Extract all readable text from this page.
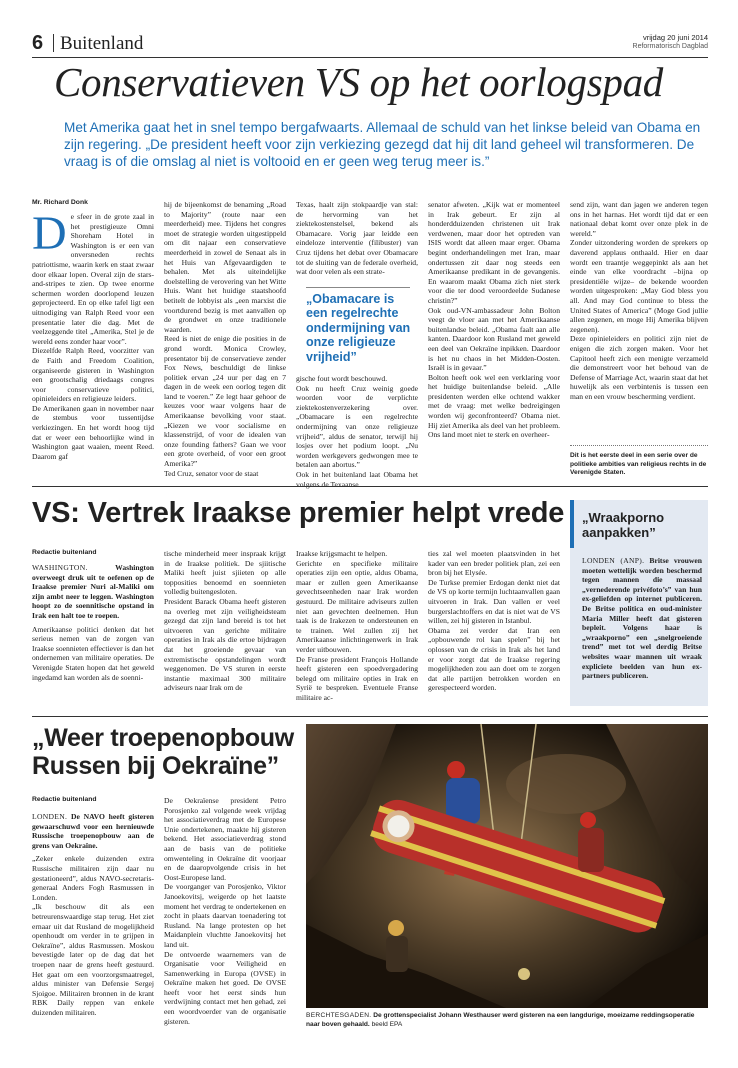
6 Buitenland	vrijdag 20 juni 2014
Reformatorisch Dagblad
Conservatieven VS op het oorlogspad

Met Amerika gaat het in snel tempo bergafwaarts. Allemaal de schuld van het linkse beleid van Obama en zijn regering. „De president heeft voor zijn verkiezing gezegd dat hij dit land geheel wil transformeren. De vraag is of die omslag al niet is voltooid en er geen weg terug meer is.”

Mr. Richard Donk
D e sfeer in de grote zaal in het prestigieuze Omni Shoreham Hotel in Washington is er een van onversneden rechts patriottisme, waarin kerk en staat zwaar door elkaar lopen. Overal zijn de stars-and-stripes te zien. Op twee enorme schermen worden doorlopend leuzen geprojecteerd. En op elke tafel ligt een uitnodiging van Ralph Reed voor een presentatie later die dag. Met de veelzeggende titel „Amerika, Stel je de wereld eens zonder haar voor”.
Diezelfde Ralph Reed, voorzitter van de Faith and Freedom Coalition, organiseerde gisteren in Washington een grootschalig driedaags congres voor conservatieve politici, opinieleiders en religieuze leiders.
De Amerikanen gaan in november naar de stembus voor tussentijdse verkiezingen. En het wordt hoog tijd dat er weer een behoorlijke wind in Washington gaat waaien, meent Reed. Daarom gaf
hij de bijeenkomst de benaming „Road to Majority” (route naar een meerderheid) mee. Tijdens het congres moet de strategie worden uitgestippeld om dit najaar een conservatieve meerderheid in zowel de Senaat als in het Huis van Afgevaardigden te behalen. Met als uiteindelijke doelstelling de verovering van het Witte Huis. Want het huidige staatshoofd betitelt de lobbyist als „een marxist die voortdurend bezig is met aanvallen op de grondwet en onze traditionele waarden.
Reed is niet de enige die posities in de grond wordt. Monica Crowley, presentator bij de conservatieve zender Fox News, beschuldigt de linkse politiek ervan „24 uur per dag en 7 dagen in de week een oorlog tegen dit land te voeren.” Ze legt haar gehoor de keuzes voor waar volgens haar de Amerikaanse bevolking voor staat. „Kiezen we voor socialisme en klassenstrijd, of voor de idealen van onze founding fathers? Gaan we voor een grote overheid, of voor een groot Amerika?”
Ted Cruz, senator voor de staat
Texas, haalt zijn stokpaardje van stal: de hervorming van het ziektekostenstelsel, bekend als Obamacare. Vorig jaar leidde een eindeloze interventie (filibuster) van Cruz tijdens het debat over Obamacare tot de sluiting van de federale overheid, wat door velen als een strate-
„Obamacare is een regelrechte ondermijning van onze religieuze vrijheid”
gische fout wordt beschouwd.
Ook nu heeft Cruz weinig goede woorden voor de verplichte ziektekostenverzekering over. „Obamacare is een regelrechte ondermijning van onze religieuze vrijheid”, aldus de senator, terwijl hij losjes over het podium loopt. „Nu worden werkgevers gedwongen mee te betalen aan abortus.”
Ook in het buitenland laat Obama het volgens de Texaanse
senator afweten. „Kijk wat er momenteel in Irak gebeurt. Er zijn al honderdduizenden christenen uit Irak verdwenen, maar door het optreden van ISIS wordt dat alleen maar erger. Obama begint onderhandelingen met Iran, maar ondertussen zit daar nog steeds een Amerikaanse predikant in de gevangenis. En waarom maakt Obama zich niet sterk voor die ter dood veroordeelde Sudanese christin?”
Ook oud-VN-ambassadeur John Bolton veegt de vloer aan met het Amerikaanse buitenlandse beleid. „Obama faalt aan alle kanten. Daardoor kon Rusland met geweld een deel van Oekraïne inpikken. Daardoor is het nu chaos in het Midden-Oosten. Israël is in gevaar.”
Bolton heeft ook wel een verklaring voor het huidige buitenlandse beleid. „Alle presidenten werden elke ochtend wakker met de vraag: met welke bedreigingen worden wij geconfronteerd? Obama niet. Hij ziet Amerika als deel van het probleem. Ons land moet niet te sterk en overheer-
send zijn, want dan jagen we anderen tegen ons in het harnas. Het wordt tijd dat er een nationaal debat komt over onze plek in de wereld.”
Zonder uitzondering worden de sprekers op daverend applaus onthaald. Hier en daar wordt een traantje weggepinkt als aan het einde van elke voordracht –bijna op presidentiële wijze– de bekende woorden worden uitgesproken: „May God bless you all. And may God continue to bless the United States of America” (Moge God jullie allen zegenen, en moge Hij Amerika blijven zegenen).
Deze opinieleiders en politici zijn niet de enigen die zich zorgen maken. Voor het Capitool heeft zich een menigte verzameld die demonstreert voor het behoud van de Defense of Marriage Act, waarin staat dat het huwelijk als een verbintenis is tussen een man en een vrouw bescherming verdient.
Dit is het eerste deel in een serie over de politieke ambities van religieus rechts in de Verenigde Staten.
VS: Vertrek Iraakse premier helpt vrede
Redactie buitenland

WASHINGTON.	Washington overweegt druk uit te oefenen op de Iraakse premier Nuri al-Maliki om zijn ambt neer te leggen. Washington hoopt zo de soennitische opstand in Irak een halt toe te roepen.

Amerikaanse politici denken dat het serieus nemen van de zorgen van Iraakse soennieten effectiever is dan het ondernemen van militaire operaties. De Verenigde Staten hopen dat het geweld ingedamd kan worden als de soenni-

tische minderheid meer inspraak krijgt in de Iraakse politiek. De sjiitische Maliki heeft juist sjiieten op alle topposities benoemd en soennieten volledig buitengesloten.
President Barack Obama heeft gisteren na overleg met zijn veiligheidsteam gezegd dat zijn land bereid is tot het uitvoeren van gerichte militaire operaties in Irak als die ertoe bijdragen dat het groeiende gevaar van extremistische opstandelingen wordt weggenomen. De VS sturen in eerste instantie maximaal 300 militaire adviseurs naar Irak om de
Iraakse krijgsmacht te helpen.
Gerichte en specifieke militaire operaties zijn een optie, aldus Obama, maar er zullen geen Amerikaanse gevechtseenheden naar Irak worden gestuurd. De militaire adviseurs zullen niet aan gevechten deelnemen. Hun taak is de Irakezen te ondersteunen en te trainen. Wel zullen zij het Amerikaanse inlichtingenwerk in Irak verder uitbouwen.
De Franse president François Hollande heeft gisteren een spoedvergadering belegd om militaire opties in Irak en Syrië te bespreken. Eventuele Franse militaire ac-
ties zal wel moeten plaatsvinden in het kader van een breder politiek plan, zei een bron bij het Elysée.
De Turkse premier Erdogan denkt niet dat de VS op korte termijn luchtaanvallen gaan uitvoeren in Irak. Dan vallen er veel burgerslachtoffers en dat is niet wat de VS willen, zei hij gisteren in Istanbul.
Obama zei verder dat Iran een „opbouwende rol kan spelen” bij het oplossen van de crisis in Irak als het land er voor zorgt dat de Iraakse regering mogelijkheden zou aan doet om te zorgen dat alle partijen betrokken worden en gerespecteerd worden.
„Wraakporno aanpakken”
LONDEN (ANP). Britse vrouwen moeten wettelijk worden beschermd tegen mannen die massaal „vernederende privéfoto’s” van hun ex-geliefden op internet publiceren. De Britse politica en oud-minister Maria Miller heeft dat gisteren bepleit. Volgens haar is „wraakporno” een „snelgroeiende trend” met tot wel derdig Britse websites waar mannen uit wraak expliciete beelden van hun ex-partners publiceren.
„Weer troepenopbouw Russen bij Oekraïne”
Redactie buitenland

LONDEN. De NAVO heeft gisteren gewaarschuwd voor een hernieuwde Russische troepenopbouw aan de grens van Oekraïne.

„Zeker enkele duizenden extra Russische militairen zijn daar nu gestationeerd”, aldus NAVO-secretaris-generaal Anders Fogh Rasmussen in Londen.
„Ik beschouw dit als een betreurenswaardige stap terug. Het ziet ernaar uit dat Rusland de mogelijkheid openhoudt om verder in te grijpen in Oekraïne”, aldus Rasmussen. Moskou bevestigde later op de dag dat het troepen naar de grens heeft gestuurd. Het gaat om een voorzorgsmaatregel, aldus minister van Defensie Sergej Sjoigoe. Militairen bronnen in de krant RBK Daily reppen van enkele duizenden militairen.
De Oekraïense president Petro Porosjenko zal volgende week vrijdag het associatieverdrag met de Europese Unie ondertekenen, maakte hij gisteren bekend. Het associatieverdrag stond aan de basis van de politieke omwenteling in Oekraïne dit voorjaar en de daaropvolgende crisis in het Oost-Europese land.
De voorganger van Porosjenko, Viktor Janoekovitsj, weigerde op het laatste moment het verdrag te ondertekenen en zocht in plaats daarvan toenadering tot Rusland. Na lange protesten op het Maidanplein vluchtte Janoekovitsj het land uit.
De ontvoerde waarnemers van de Organisatie voor Veiligheid en Samenwerking in Europa (OVSE) in Oekraïne maken het goed. De OVSE heeft voor het eerst sinds hun verdwijning contact met hen gehad, zei een woordvoerder van de organisatie gisteren.
BERCHTESGADEN. De grottenspecialist Johann Westhauser werd gisteren na een langdurige, moeizame reddingsoperatie naar boven gehaald. beeld EPA
